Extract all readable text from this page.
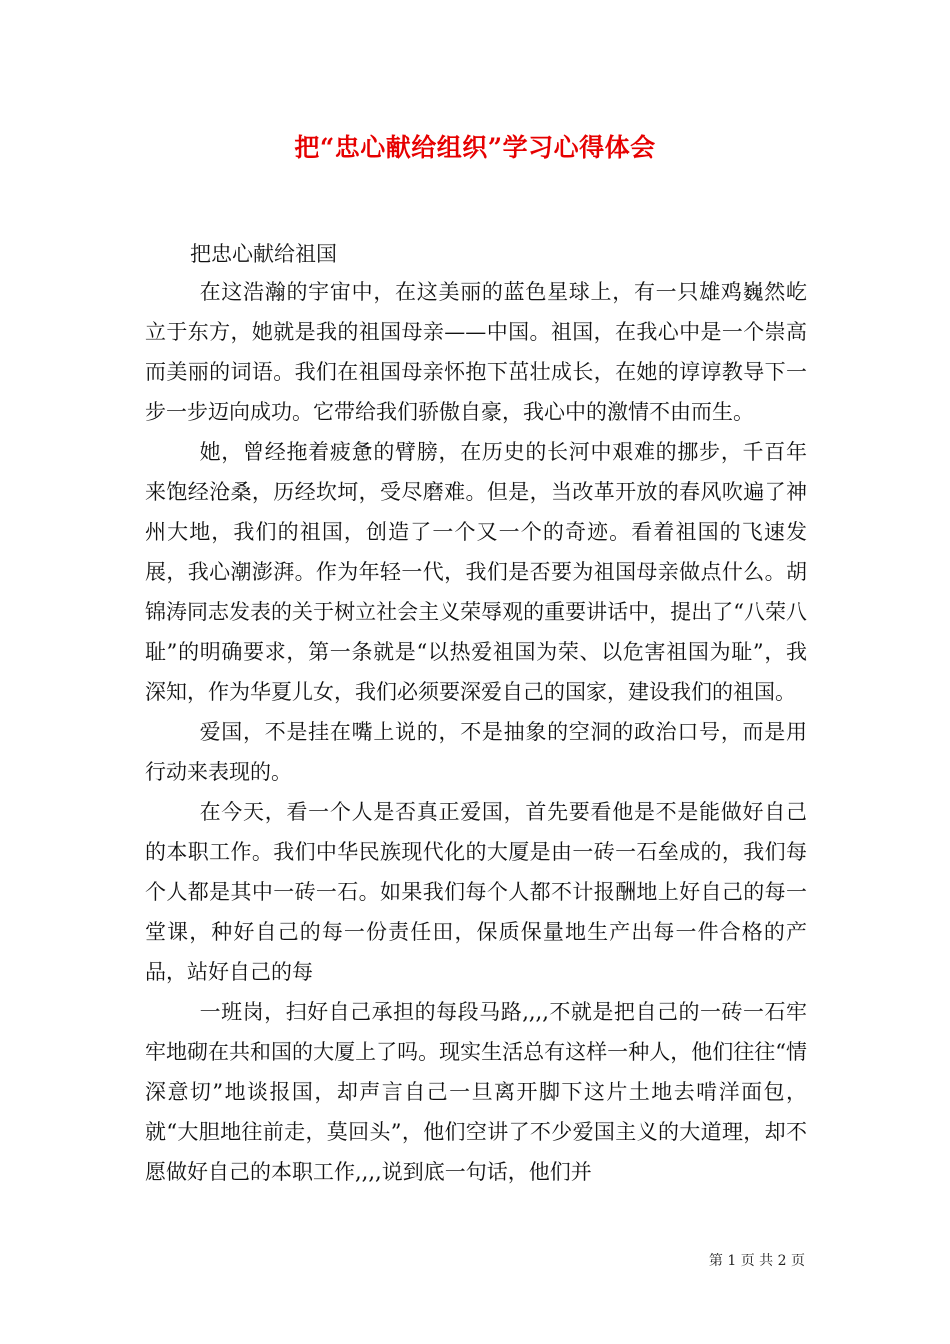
把“忠心献给组织”学习心得体会

把忠心献给祖国

在这浩瀚的宇宙中，在这美丽的蓝色星球上，有一只雄鸡巍然屹立于东方，她就是我的祖国母亲——中国。祖国，在我心中是一个崇高而美丽的词语。我们在祖国母亲怀抱下茁壮成长，在她的谆谆教导下一步一步迈向成功。它带给我们骄傲自豪，我心中的激情不由而生。

她，曾经拖着疲惫的臂膀，在历史的长河中艰难的挪步，千百年来饱经沧桑，历经坎坷，受尽磨难。但是，当改革开放的春风吹遍了神州大地，我们的祖国，创造了一个又一个的奇迹。看着祖国的飞速发展，我心潮澎湃。作为年轻一代，我们是否要为祖国母亲做点什么。胡锦涛同志发表的关于树立社会主义荣辱观的重要讲话中，提出了“八荣八耻”的明确要求，第一条就是“以热爱祖国为荣、以危害祖国为耻”，我深知，作为华夏儿女，我们必须要深爱自己的国家，建设我们的祖国。

爱国，不是挂在嘴上说的，不是抽象的空洞的政治口号，而是用行动来表现的。

在今天，看一个人是否真正爱国，首先要看他是不是能做好自己的本职工作。我们中华民族现代化的大厦是由一砖一石垒成的，我们每个人都是其中一砖一石。如果我们每个人都不计报酬地上好自己的每一堂课，种好自己的每一份责任田，保质保量地生产出每一件合格的产品，站好自己的每

一班岗，扫好自己承担的每段马路,,,,不就是把自己的一砖一石牢牢地砌在共和国的大厦上了吗。现实生活总有这样一种人，他们往往“情深意切”地谈报国，却声言自己一旦离开脚下这片土地去啃洋面包，就“大胆地往前走，莫回头”，他们空讲了不少爱国主义的大道理，却不愿做好自己的本职工作,,,,说到底一句话，他们并

第 1 页 共 2 页
